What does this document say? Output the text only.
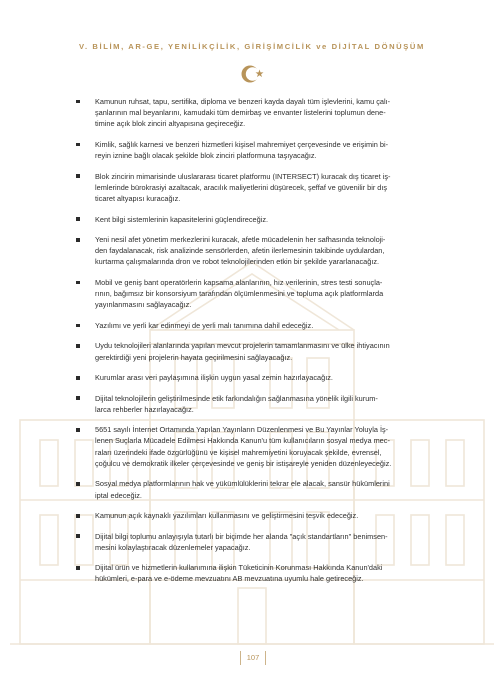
V. BİLİM, AR-GE, YENİLİKÇİLİK, GİRİŞİMCİLİK ve DİJİTAL DÖNÜŞÜM
Kamunun ruhsat, tapu, sertifika, diploma ve benzeri kayda dayalı tüm işlevlerini, kamu çalı-
şanlarının mal beyanlarını, kamudaki tüm demirbaş ve envanter listelerini toplumun dene-
timine açık blok zinciri altyapısına geçireceğiz.
Kimlik, sağlık karnesi ve benzeri hizmetleri kişisel mahremiyet çerçevesinde ve erişimin bi-
reyin iznine bağlı olacak şekilde blok zinciri platformuna taşıyacağız.
Blok zincirin mimarisinde uluslararası ticaret platformu (INTERSECT) kuracak dış ticaret iş-
lemlerinde bürokrasiyi azaltacak, aracılık maliyetlerini düşürecek, şeffaf ve güvenilir bir dış
ticaret altyapısı kuracağız.
Kent bilgi sistemlerinin kapasitelerini güçlendireceğiz.
Yeni nesil afet yönetim merkezlerini kuracak, afetle mücadelenin her safhasında teknoloji-
den faydalanacak, risk analizinde sensörlerden, afetin ilerlemesinin takibinde uydulardan,
kurtarma çalışmalarında dron ve robot teknolojilerinden etkin bir şekilde yararlanacağız.
Mobil ve geniş bant operatörlerin kapsama alanlarının, hız verilerinin, stres testi sonuçla-
rının, bağımsız bir konsorsiyum tarafından ölçümlenmesini ve topluma açık platformlarda
yayınlanmasını sağlayacağız.
Yazılımı ve yerli kar edinmeyi de yerli malı tanımına dahil edeceğiz.
Uydu teknolojileri alanlarında yapılan mevcut projelerin tamamlanmasını ve ülke ihtiyacının
gerektirdiği yeni projelerin hayata geçirilmesini sağlayacağız.
Kurumlar arası veri paylaşımına ilişkin uygun yasal zemin hazırlayacağız.
Dijital teknolojilerin geliştirilmesinde etik farkındalığın sağlanmasına yönelik ilgili kurum-
larca rehberler hazırlayacağız.
5651 sayılı İnternet Ortamında Yapılan Yayınların Düzenlenmesi ve Bu Yayınlar Yoluyla İş-
lenen Suçlarla Mücadele Edilmesi Hakkında Kanun'u tüm kullanıcıların sosyal medya mec-
raları üzerindeki ifade özgürlüğünü ve kişisel mahremiyetini koruyacak şekilde, evrensel,
çoğulcu ve demokratik ilkeler çerçevesinde ve geniş bir istişareyle yeniden düzenleyeceğiz.
Sosyal medya platformlarının hak ve yükümlülüklerini tekrar ele alacak, sansür hükümlerini
iptal edeceğiz.
Kamunun açık kaynaklı yazılımları kullanmasını ve geliştirmesini teşvik edeceğiz.
Dijital bilgi toplumu anlayışıyla tutarlı bir biçimde her alanda "açık standartların" benimsen-
mesini kolaylaştıracak düzenlemeler yapacağız.
Dijital ürün ve hizmetlerin kullanımına ilişkin Tüketicinin Korunması Hakkında Kanun'daki
hükümleri, e-para ve e-ödeme mevzuatını AB mevzuatına uyumlu hale getireceğiz.
107
